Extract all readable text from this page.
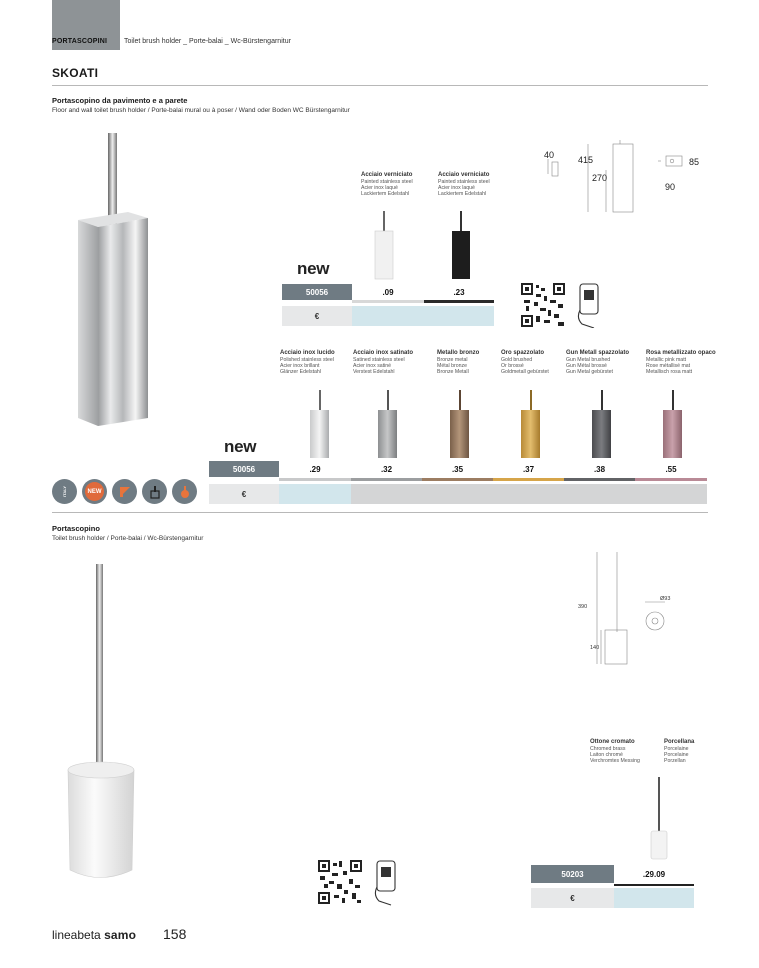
PORTASCOPINI Toilet brush holder _ Porte-balai _ Wc-Bürstengarnitur
SKOATI
Portascopino da pavimento e a parete
Floor and wall toilet brush holder / Porte-balai mural ou à poser / Wand oder Boden WC Bürstengarnitur
Acciaio verniciato
Painted stainless steel
Acier inox laqué
Lackiertem Edelstahl
Acciaio verniciato
Painted stainless steel
Acier inox laqué
Lackiertem Edelstahl
40	415
270
85
90
new
50056	.09	.23
€
Acciaio inox lucido
Polished stainless steel
Acier inox brillant
Glänzer Edelstahl
Acciaio inox satinato
Satined stainless steel
Acier inox satiné
Verstest Edelstahl
Metallo bronzo
Bronze metal
Métal bronze
Bronze Metall
Oro spazzolato
Gold brushed
Or brossé
Goldmetall gebürstet
Gun Metall spazzolato
Gun Metal brushed
Gun Métal brossé
Gun Metal gebürstet
Rosa metallizzato opaco
Metallic pink matt
Rose métallisé mat
Metallisch rosa matt
new
50056	.29	.32	.35	.37	.38	.55
€
ITALY	NEW
Portascopino
Toilet brush holder / Porte-balai / Wc-Bürstengarnitur
390
140
Ø93
Ottone cromato
Chromed brass
Laiton chromé
Verchromtes Messing
Porcellana
Porcelaine
Porcelaine
Porzellan
50203	.29.09
€
lineabeta samo 158
